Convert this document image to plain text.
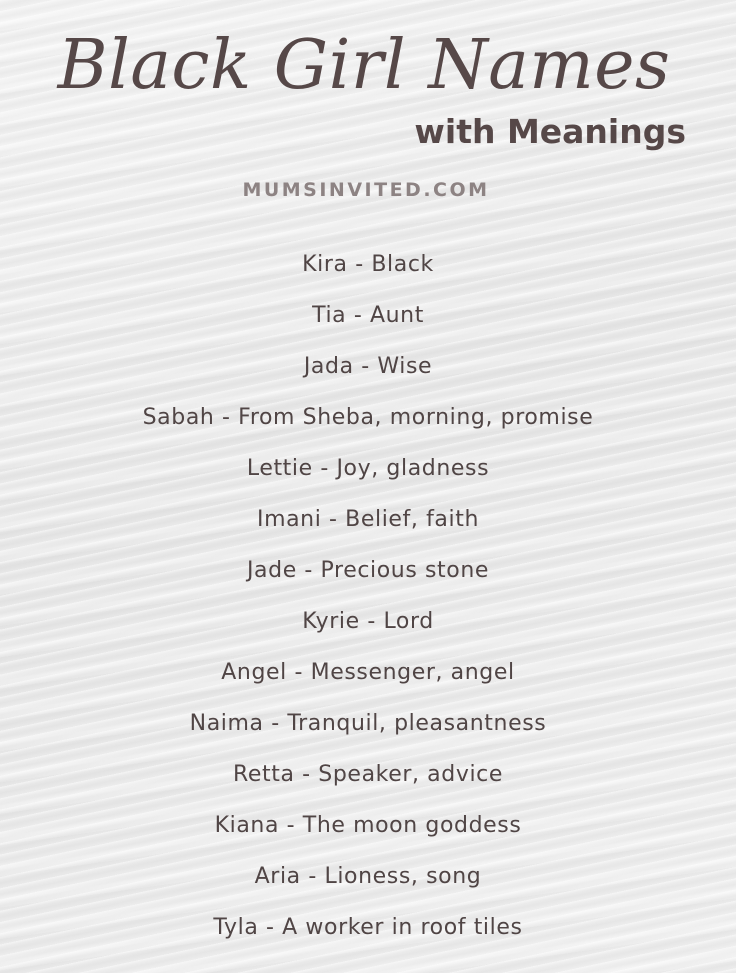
Black Girl Names
with Meanings

MUMSINVITED.COM

Kira - Black
Tia - Aunt
Jada - Wise
Sabah - From Sheba, morning, promise
Lettie - Joy, gladness
Imani - Belief, faith
Jade - Precious stone
Kyrie - Lord
Angel - Messenger, angel
Naima - Tranquil, pleasantness
Retta - Speaker, advice
Kiana - The moon goddess
Aria - Lioness, song
Tyla - A worker in roof tiles
